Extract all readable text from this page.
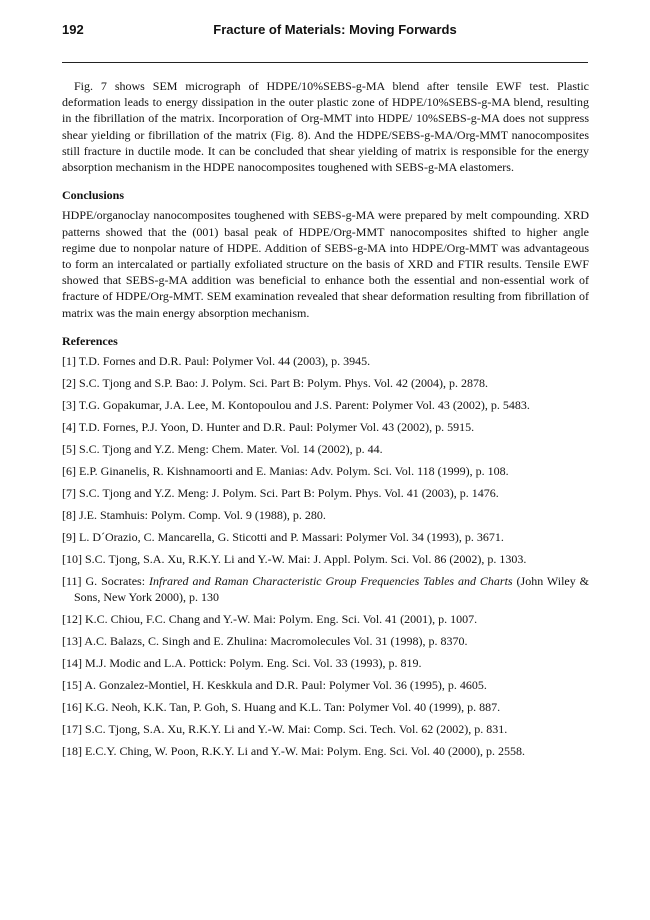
192	Fracture of Materials: Moving Forwards

Fig. 7 shows SEM micrograph of HDPE/10%SEBS-g-MA blend after tensile EWF test. Plastic deformation leads to energy dissipation in the outer plastic zone of HDPE/10%SEBS-g-MA blend, resulting in the fibrillation of the matrix. Incorporation of Org-MMT into HDPE/ 10%SEBS-g-MA does not suppress shear yielding or fibrillation of the matrix (Fig. 8). And the HDPE/SEBS-g-MA/Org-MMT nanocomposites still fracture in ductile mode. It can be concluded that shear yielding of matrix is responsible for the energy absorption mechanism in the HDPE nanocomposites toughened with SEBS-g-MA elastomers.

Conclusions

HDPE/organoclay nanocomposites toughened with SEBS-g-MA were prepared by melt compounding. XRD patterns showed that the (001) basal peak of HDPE/Org-MMT nanocomposites shifted to higher angle regime due to nonpolar nature of HDPE. Addition of SEBS-g-MA into HDPE/Org-MMT was advantageous to form an intercalated or partially exfoliated structure on the basis of XRD and FTIR results. Tensile EWF showed that SEBS-g-MA addition was beneficial to enhance both the essential and non-essential work of fracture of HDPE/Org-MMT. SEM examination revealed that shear deformation resulting from fibrillation of matrix was the main energy absorption mechanism.

References

[1] T.D. Fornes and D.R. Paul: Polymer Vol. 44 (2003), p. 3945.
[2] S.C. Tjong and S.P. Bao: J. Polym. Sci. Part B: Polym. Phys. Vol. 42 (2004), p. 2878.
[3] T.G. Gopakumar, J.A. Lee, M. Kontopoulou and J.S. Parent: Polymer Vol. 43 (2002), p. 5483.
[4] T.D. Fornes, P.J. Yoon, D. Hunter and D.R. Paul: Polymer Vol. 43 (2002), p. 5915.
[5] S.C. Tjong and Y.Z. Meng: Chem. Mater. Vol. 14 (2002), p. 44.
[6] E.P. Ginanelis, R. Kishnamoorti and E. Manias: Adv. Polym. Sci. Vol. 118 (1999), p. 108.
[7] S.C. Tjong and Y.Z. Meng: J. Polym. Sci. Part B: Polym. Phys. Vol. 41 (2003), p. 1476.
[8] J.E. Stamhuis: Polym. Comp. Vol. 9 (1988), p. 280.
[9] L. D´Orazio, C. Mancarella, G. Sticotti and P. Massari: Polymer Vol. 34 (1993), p. 3671.
[10] S.C. Tjong, S.A. Xu, R.K.Y. Li and Y.-W. Mai: J. Appl. Polym. Sci. Vol. 86 (2002), p. 1303.
[11] G. Socrates: Infrared and Raman Characteristic Group Frequencies Tables and Charts (John Wiley & Sons, New York 2000), p. 130
[12] K.C. Chiou, F.C. Chang and Y.-W. Mai: Polym. Eng. Sci. Vol. 41 (2001), p. 1007.
[13] A.C. Balazs, C. Singh and E. Zhulina: Macromolecules Vol. 31 (1998), p. 8370.
[14] M.J. Modic and L.A. Pottick: Polym. Eng. Sci. Vol. 33 (1993), p. 819.
[15] A. Gonzalez-Montiel, H. Keskkula and D.R. Paul: Polymer Vol. 36 (1995), p. 4605.
[16] K.G. Neoh, K.K. Tan, P. Goh, S. Huang and K.L. Tan: Polymer Vol. 40 (1999), p. 887.
[17] S.C. Tjong, S.A. Xu, R.K.Y. Li and Y.-W. Mai: Comp. Sci. Tech. Vol. 62 (2002), p. 831.
[18] E.C.Y. Ching, W. Poon, R.K.Y. Li and Y.-W. Mai: Polym. Eng. Sci. Vol. 40 (2000), p. 2558.
